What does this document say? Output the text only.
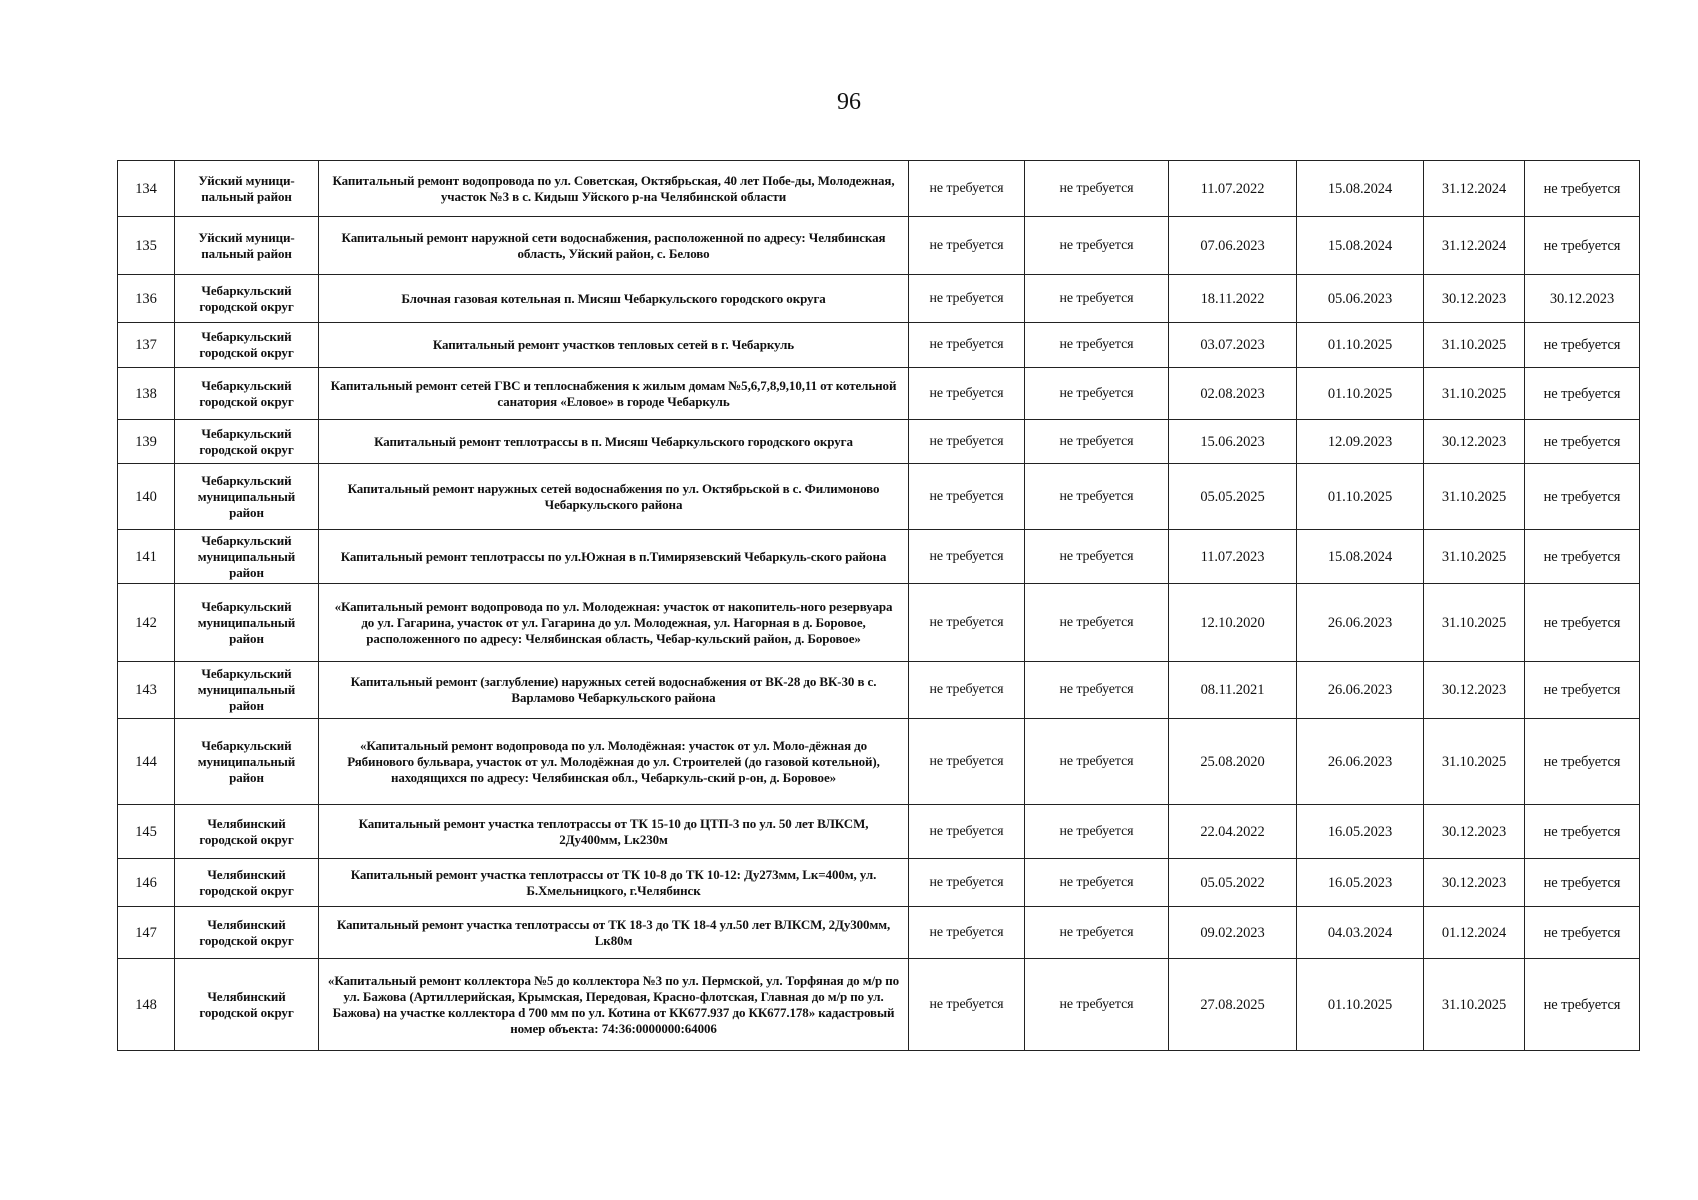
96
134	Уйский муници-пальный район	Капитальный ремонт водопровода по ул. Советская, Октябрьская, 40 лет Побе-ды, Молодежная, участок №3 в с. Кидыш Уйского р-на Челябинской области	не требуется	не требуется	11.07.2022	15.08.2024	31.12.2024	не требуется
135	Уйский муници-пальный район	Капитальный ремонт наружной сети водоснабжения, расположенной по адресу: Челябинская область, Уйский район, с. Белово	не требуется	не требуется	07.06.2023	15.08.2024	31.12.2024	не требуется
136	Чебаркульский городской округ	Блочная газовая котельная п. Мисяш Чебаркульского городского округа	не требуется	не требуется	18.11.2022	05.06.2023	30.12.2023	30.12.2023
137	Чебаркульский городской округ	Капитальный ремонт участков тепловых сетей в г. Чебаркуль	не требуется	не требуется	03.07.2023	01.10.2025	31.10.2025	не требуется
138	Чебаркульский городской округ	Капитальный ремонт сетей ГВС и теплоснабжения к жилым домам №5,6,7,8,9,10,11 от котельной санатория «Еловое» в городе Чебаркуль	не требуется	не требуется	02.08.2023	01.10.2025	31.10.2025	не требуется
139	Чебаркульский городской округ	Капитальный ремонт теплотрассы в п. Мисяш Чебаркульского городского округа	не требуется	не требуется	15.06.2023	12.09.2023	30.12.2023	не требуется
140	Чебаркульский муниципальный район	Капитальный ремонт наружных сетей водоснабжения по ул. Октябрьской в с. Филимоново Чебаркульского района	не требуется	не требуется	05.05.2025	01.10.2025	31.10.2025	не требуется
141	Чебаркульский муниципальный район	Капитальный ремонт теплотрассы по ул.Южная в п.Тимирязевский Чебаркуль-ского района	не требуется	не требуется	11.07.2023	15.08.2024	31.10.2025	не требуется
142	Чебаркульский муниципальный район	«Капитальный ремонт водопровода по ул. Молодежная: участок от накопитель-ного резервуара до ул. Гагарина, участок от ул. Гагарина до ул. Молодежная, ул. Нагорная в д. Боровое, расположенного по адресу: Челябинская область, Чебар-кульский район, д. Боровое»	не требуется	не требуется	12.10.2020	26.06.2023	31.10.2025	не требуется
143	Чебаркульский муниципальный район	Капитальный ремонт (заглубление) наружных сетей водоснабжения от ВК-28 до ВК-30 в с. Варламово Чебаркульского района	не требуется	не требуется	08.11.2021	26.06.2023	30.12.2023	не требуется
144	Чебаркульский муниципальный район	«Капитальный ремонт водопровода по ул. Молодёжная: участок от ул. Моло-дёжная до Рябинового бульвара, участок от ул. Молодёжная до ул. Строителей (до газовой котельной), находящихся по адресу: Челябинская обл., Чебаркуль-ский р-он, д. Боровое»	не требуется	не требуется	25.08.2020	26.06.2023	31.10.2025	не требуется
145	Челябинский городской округ	Капитальный ремонт участка теплотрассы от ТК 15-10 до ЦТП-3 по ул. 50 лет ВЛКСМ, 2Ду400мм, Lк230м	не требуется	не требуется	22.04.2022	16.05.2023	30.12.2023	не требуется
146	Челябинский городской округ	Капитальный ремонт участка теплотрассы от ТК 10-8 до ТК 10-12: Ду273мм, Lк=400м, ул. Б.Хмельницкого, г.Челябинск	не требуется	не требуется	05.05.2022	16.05.2023	30.12.2023	не требуется
147	Челябинский городской округ	Капитальный ремонт участка теплотрассы от ТК 18-3 до ТК 18-4 ул.50 лет ВЛКСМ, 2Ду300мм, Lк80м	не требуется	не требуется	09.02.2023	04.03.2024	01.12.2024	не требуется
148	Челябинский городской округ	«Капитальный ремонт коллектора №5 до коллектора №3 по ул. Пермской, ул. Торфяная до м/р по ул. Бажова (Артиллерийская, Крымская, Передовая, Красно-флотская, Главная до м/р по ул. Бажова) на участке коллектора d 700 мм по ул. Котина от КК677.937 до КК677.178» кадастровый номер объекта: 74:36:0000000:64006	не требуется	не требуется	27.08.2025	01.10.2025	31.10.2025	не требуется
